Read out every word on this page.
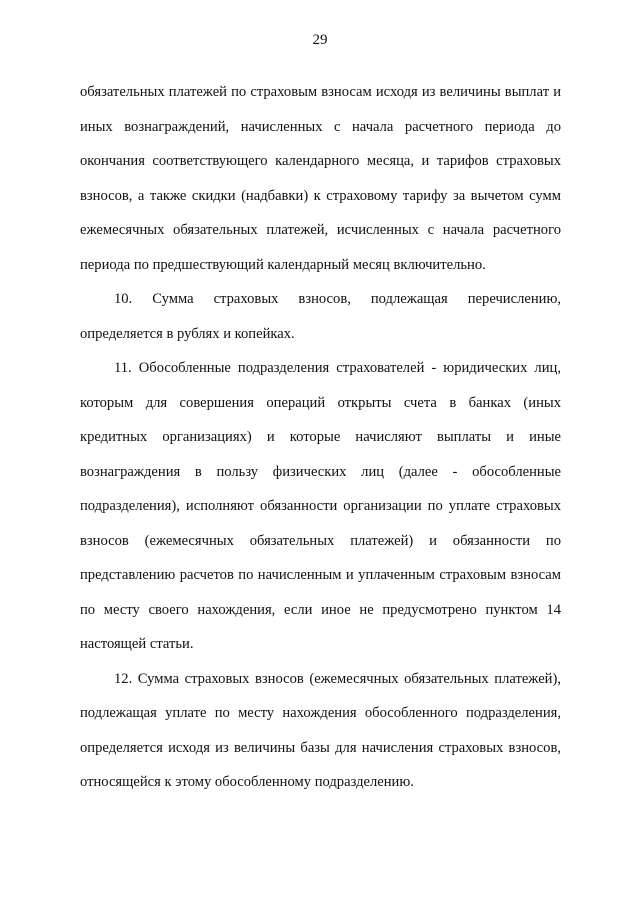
29

обязательных платежей по страховым взносам исходя из величины выплат и иных вознаграждений, начисленных с начала расчетного периода до окончания соответствующего календарного месяца, и тарифов страховых взносов, а также скидки (надбавки) к страховому тарифу за вычетом сумм ежемесячных обязательных платежей, исчисленных с начала расчетного периода по предшествующий календарный месяц включительно.

10. Сумма страховых взносов, подлежащая перечислению, определяется в рублях и копейках.

11. Обособленные подразделения страхователей - юридических лиц, которым для совершения операций открыты счета в банках (иных кредитных организациях) и которые начисляют выплаты и иные вознаграждения в пользу физических лиц (далее - обособленные подразделения), исполняют обязанности организации по уплате страховых взносов (ежемесячных обязательных платежей) и обязанности по представлению расчетов по начисленным и уплаченным страховым взносам по месту своего нахождения, если иное не предусмотрено пунктом 14 настоящей статьи.

12. Сумма страховых взносов (ежемесячных обязательных платежей), подлежащая уплате по месту нахождения обособленного подразделения, определяется исходя из величины базы для начисления страховых взносов, относящейся к этому обособленному подразделению.
